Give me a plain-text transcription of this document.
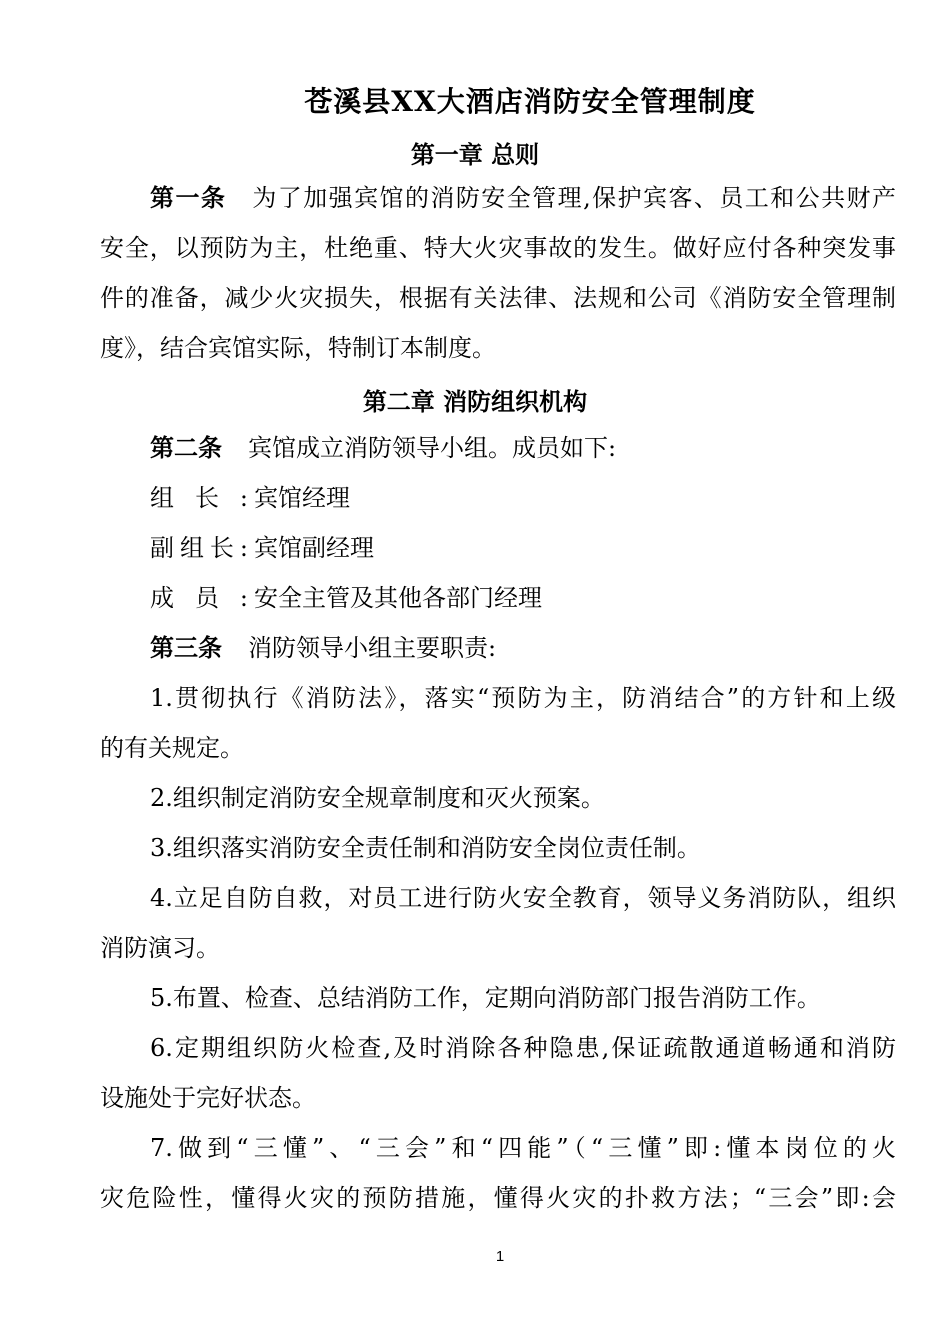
苍溪县XX大酒店消防安全管理制度
第一章 总则
第一条 为了加强宾馆的消防安全管理,保护宾客、员工和公共财产
安全，以预防为主，杜绝重、特大火灾事故的发生。做好应付各种突发事
件的准备，减少火灾损失，根据有关法律、法规和公司《消防安全管理制
度》，结合宾馆实际，特制订本制度。
第二章 消防组织机构
第二条 宾馆成立消防领导小组。成员如下:
组长: 宾馆经理
副组长: 宾馆副经理
成员: 安全主管及其他各部门经理
第三条 消防领导小组主要职责:
1.贯彻执行《消防法》，落实“预防为主，防消结合”的方针和上级
的有关规定。
2.组织制定消防安全规章制度和灭火预案。
3.组织落实消防安全责任制和消防安全岗位责任制。
4.立足自防自救，对员工进行防火安全教育，领导义务消防队，组织
消防演习。
5.布置、检查、总结消防工作，定期向消防部门报告消防工作。
6.定期组织防火检查,及时消除各种隐患,保证疏散通道畅通和消防
设施处于完好状态。
7.做到“三懂”、“三会”和“四能”（“三懂”即:懂本岗位的火
灾危险性，懂得火灾的预防措施，懂得火灾的扑救方法；“三会”即:会
1
